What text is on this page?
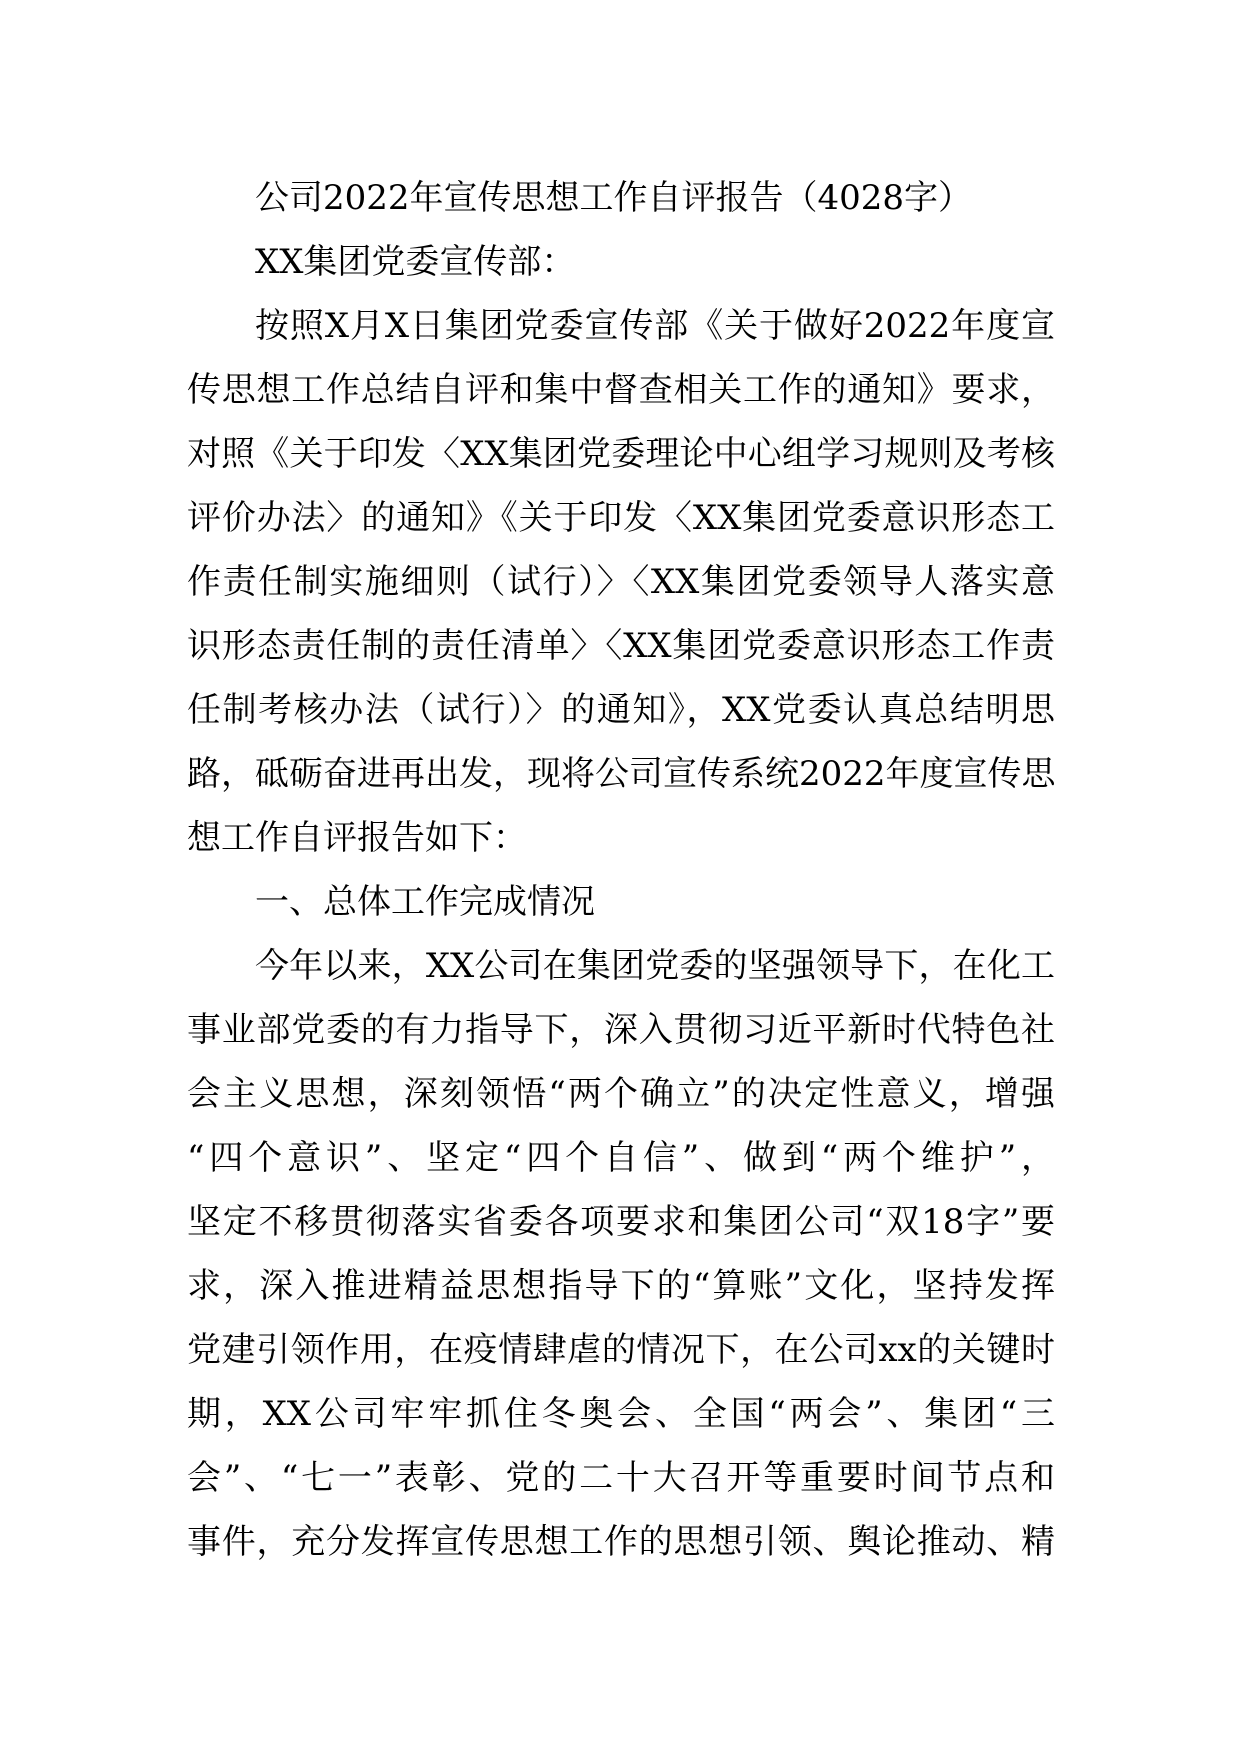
公司2022年宣传思想工作自评报告（4028字）
XX集团党委宣传部：
按照X月X日集团党委宣传部《关于做好2022年度宣
传思想工作总结自评和集中督查相关工作的通知》要求，
对照《关于印发〈XX集团党委理论中心组学习规则及考核
评价办法〉的通知》《关于印发〈XX集团党委意识形态工
作责任制实施细则（试行）〉〈XX集团党委领导人落实意
识形态责任制的责任清单〉〈XX集团党委意识形态工作责
任制考核办法（试行）〉的通知》，XX党委认真总结明思
路，砥砺奋进再出发，现将公司宣传系统2022年度宣传思
想工作自评报告如下：
一、总体工作完成情况
今年以来，XX公司在集团党委的坚强领导下，在化工
事业部党委的有力指导下，深入贯彻习近平新时代特色社
会主义思想，深刻领悟“两个确立”的决定性意义，增强
“四个意识”、坚定“四个自信”、做到“两个维护”，
坚定不移贯彻落实省委各项要求和集团公司“双18字”要
求，深入推进精益思想指导下的“算账”文化，坚持发挥
党建引领作用，在疫情肆虐的情况下，在公司xx的关键时
期，XX公司牢牢抓住冬奥会、全国“两会”、集团“三
会”、“七一”表彰、党的二十大召开等重要时间节点和
事件，充分发挥宣传思想工作的思想引领、舆论推动、精
